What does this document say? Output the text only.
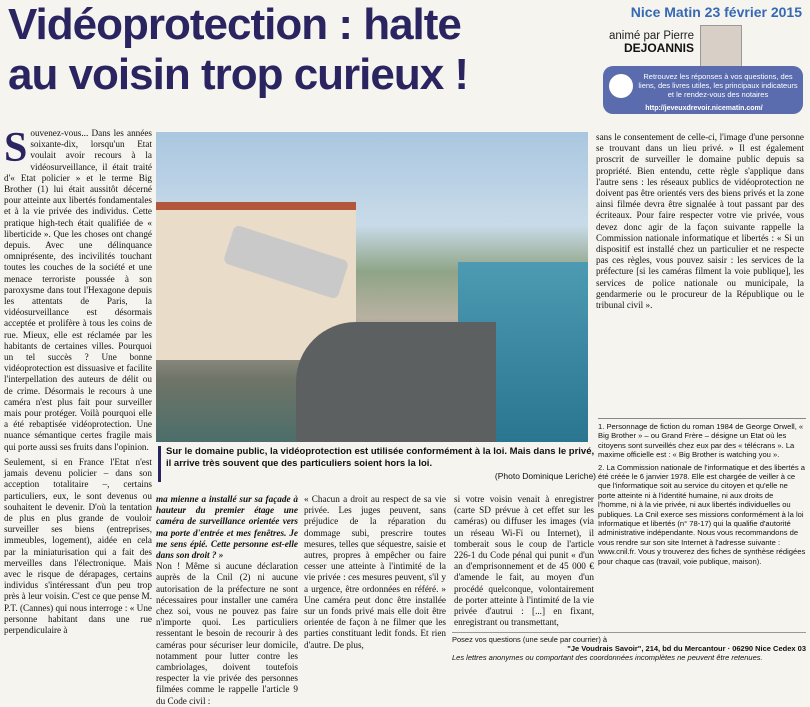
Vidéoprotection : halte
au voisin trop curieux !
Nice Matin 23 février 2015
animé par Pierre
DEJOANNIS
Retrouvez les réponses à vos questions, des liens, des livres utiles, les principaux indicateurs et le rendez-vous des notaires
http://jeveuxdrevoir.nicematin.com/
S ouvenez-vous... Dans les années soixante-dix, lorsqu'un Etat voulait avoir recours à la vidéosurveillance, il était traité d'« Etat policier » et le terme Big Brother (1) lui était aussitôt décerné pour atteinte aux libertés fondamentales et à la vie privée des individus. Cette pratique high-tech était qualifiée de « liberticide ». Que les choses ont changé depuis. Avec une délinquance omniprésente, des incivilités touchant toutes les couches de la société et une menace terroriste poussée à son paroxysme dans tout l'Hexagone depuis les attentats de Paris, la vidéosurveillance est désormais acceptée et prolifère à tous les coins de rue. Mieux, elle est réclamée par les habitants de certaines villes. Pourquoi un tel succès ? Une bonne vidéoprotection est dissuasive et facilite l'interpellation des auteurs de délit ou de crime. Désormais le recours à une caméra n'est plus fait pour surveiller mais pour protéger. Voilà pourquoi elle a été rebaptisée vidéoprotection. Une nuance sémantique certes fragile mais qui porte aussi ses fruits dans l'opinion.

Seulement, si en France l'Etat n'est jamais devenu policier – dans son acception totalitaire –, certains particuliers, eux, le sont devenus ou souhaitent le devenir. D'où la tentation de plus en plus grande de vouloir surveiller ses biens (entreprises, immeubles, logement), aidée en cela par la miniaturisation qui a fait des merveilles dans l'électronique. Mais avec le risque de dérapages, certains individus s'intéressant d'un peu trop près à leur voisin. C'est ce que pense M. P.T. (Cannes) qui nous interroge : « Une personne habitant dans une rue perpendiculaire à

Sur le domaine public, la vidéoprotection est utilisée conformément à la loi. Mais dans le privé, il arrive très souvent que des particuliers soient hors la loi.
(Photo Dominique Leriche)

ma mienne a installé sur sa façade à hauteur du premier étage une caméra de surveillance orientée vers ma porte d'entrée et mes fenêtres. Je me sens épié. Cette personne est-elle dans son droit ? »

Non ! Même si aucune déclaration auprès de la Cnil (2) ni aucune autorisation de la préfecture ne sont nécessaires pour installer une caméra chez soi, vous ne pouvez pas faire n'importe quoi. Les particuliers ressentant le besoin de recourir à des caméras pour sécuriser leur domicile, notamment pour lutter contre les cambriolages, doivent toutefois respecter la vie privée des personnes filmées comme le rappelle l'article 9 du Code civil :

« Chacun a droit au respect de sa vie privée. Les juges peuvent, sans préjudice de la réparation du dommage subi, prescrire toutes mesures, telles que séquestre, saisie et autres, propres à empêcher ou faire cesser une atteinte à l'intimité de la vie privée : ces mesures peuvent, s'il y a urgence, être ordonnées en référé. » Une caméra peut donc être installée sur un fonds privé mais elle doit être orientée de façon à ne filmer que les parties constituant ledit fonds. Et rien d'autre. De plus,

si votre voisin venait à enregistrer (carte SD prévue à cet effet sur les caméras) ou diffuser les images (via un réseau Wi-Fi ou Internet), il tomberait sous le coup de l'article 226-1 du Code pénal qui punit « d'un an d'emprisonnement et de 45 000 € d'amende le fait, au moyen d'un procédé quelconque, volontairement de porter atteinte à l'intimité de la vie privée d'autrui : [...] en fixant, enregistrant ou transmettant,

sans le consentement de celle-ci, l'image d'une personne se trouvant dans un lieu privé. » Il est également proscrit de surveiller le domaine public depuis sa propriété. Bien entendu, cette règle s'applique dans l'autre sens : les réseaux publics de vidéoprotection ne doivent pas être orientés vers des biens privés et la zone ainsi filmée devra être signalée à tout passant par des écriteaux. Pour faire respecter votre vie privée, vous devez donc agir de la façon suivante rappelle la Commission nationale informatique et libertés : « Si un dispositif est installé chez un particulier et ne respecte pas ces règles, vous pouvez saisir : les services de la préfecture [si les caméras filment la voie publique], les services de police nationale ou municipale, la gendarmerie ou le procureur de la République ou le tribunal civil ».

1. Personnage de fiction du roman 1984 de George Orwell, « Big Brother » – ou Grand Frère – désigne un Etat où les citoyens sont surveillés chez eux par des « télécrans ». La maxime officielle est : « Big Brother is watching you ».

2. La Commission nationale de l'informatique et des libertés a été créée le 6 janvier 1978. Elle est chargée de veiller à ce que l'informatique soit au service du citoyen et qu'elle ne porte atteinte ni à l'identité humaine, ni aux droits de l'homme, ni à la vie privée, ni aux libertés individuelles ou publiques. La Cnil exerce ses missions conformément à la loi Informatique et libertés (n° 78-17) qui la qualifie d'autorité administrative indépendante. Nous vous recommandons de vous rendre sur son site Internet à l'adresse suivante : www.cnil.fr. Vous y trouverez des fiches de synthèse rédigées pour chaque cas (travail, voie publique, maison).

Posez vos questions (une seule par courrier) à
"Je Voudrais Savoir", 214, bd du Mercantour · 06290 Nice Cedex 03
Les lettres anonymes ou comportant des coordonnées incomplètes ne peuvent être retenues.
